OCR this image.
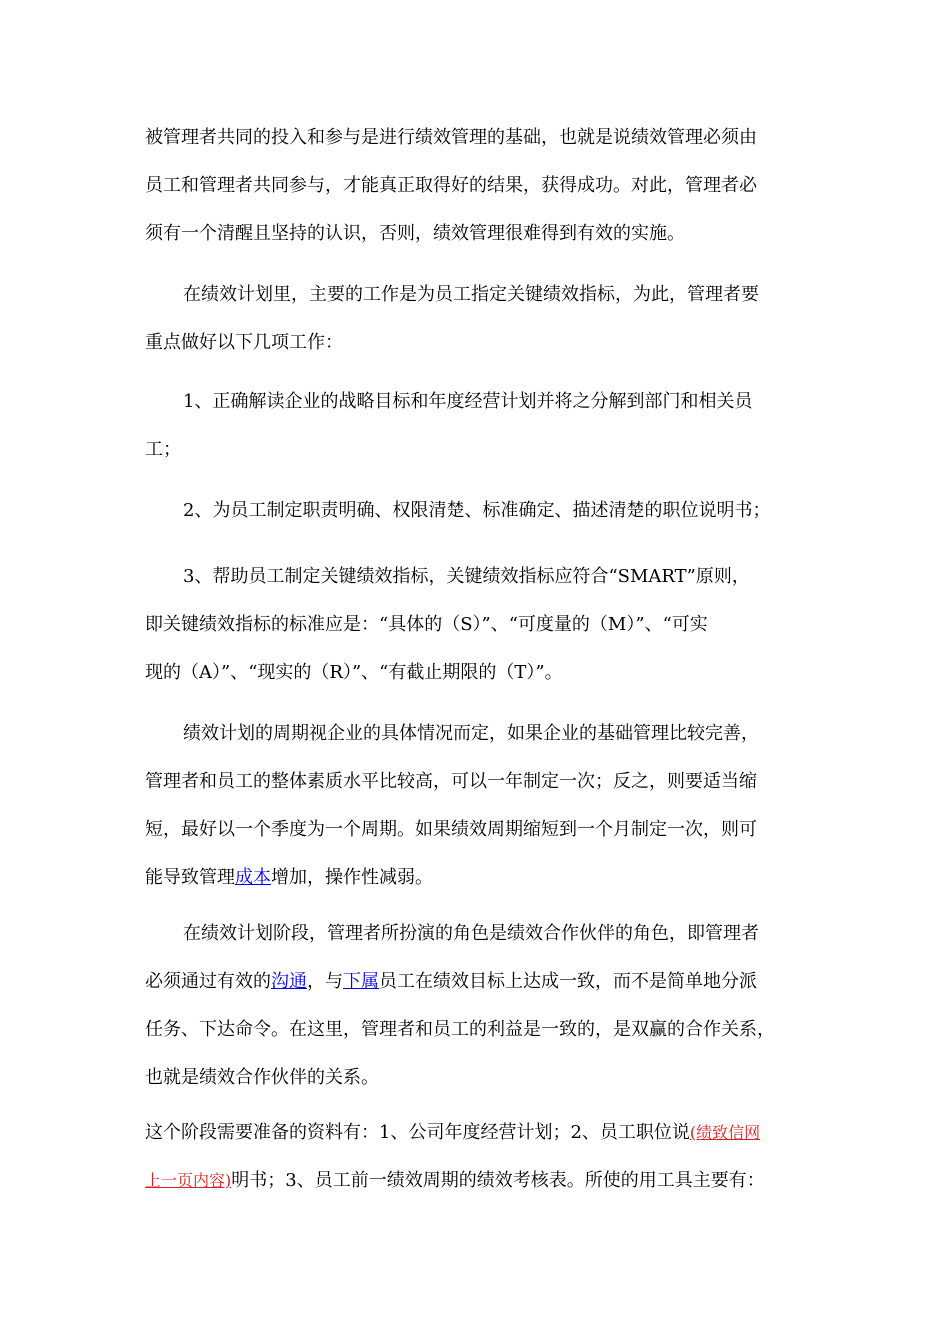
被管理者共同的投入和参与是进行绩效管理的基础，也就是说绩效管理必须由
员工和管理者共同参与，才能真正取得好的结果，获得成功。对此，管理者必
须有一个清醒且坚持的认识，否则，绩效管理很难得到有效的实施。
在绩效计划里，主要的工作是为员工指定关键绩效指标，为此，管理者要
重点做好以下几项工作：
1、正确解读企业的战略目标和年度经营计划并将之分解到部门和相关员
工；
2、为员工制定职责明确、权限清楚、标准确定、描述清楚的职位说明书；
3、帮助员工制定关键绩效指标，关键绩效指标应符合“SMART”原则，
即关键绩效指标的标准应是：“具体的（S）”、“可度量的（M）”、“可实
现的（A）”、“现实的（R）”、“有截止期限的（T）”。
绩效计划的周期视企业的具体情况而定，如果企业的基础管理比较完善，
管理者和员工的整体素质水平比较高，可以一年制定一次；反之，则要适当缩
短，最好以一个季度为一个周期。如果绩效周期缩短到一个月制定一次，则可
能导致管理成本增加，操作性减弱。
在绩效计划阶段，管理者所扮演的角色是绩效合作伙伴的角色，即管理者
必须通过有效的沟通，与下属员工在绩效目标上达成一致，而不是简单地分派
任务、下达命令。在这里，管理者和员工的利益是一致的，是双赢的合作关系，
也就是绩效合作伙伴的关系。
这个阶段需要准备的资料有：1、公司年度经营计划；2、员工职位说(绩致信网
上一页内容)明书；3、员工前一绩效周期的绩效考核表。所使的用工具主要有：
